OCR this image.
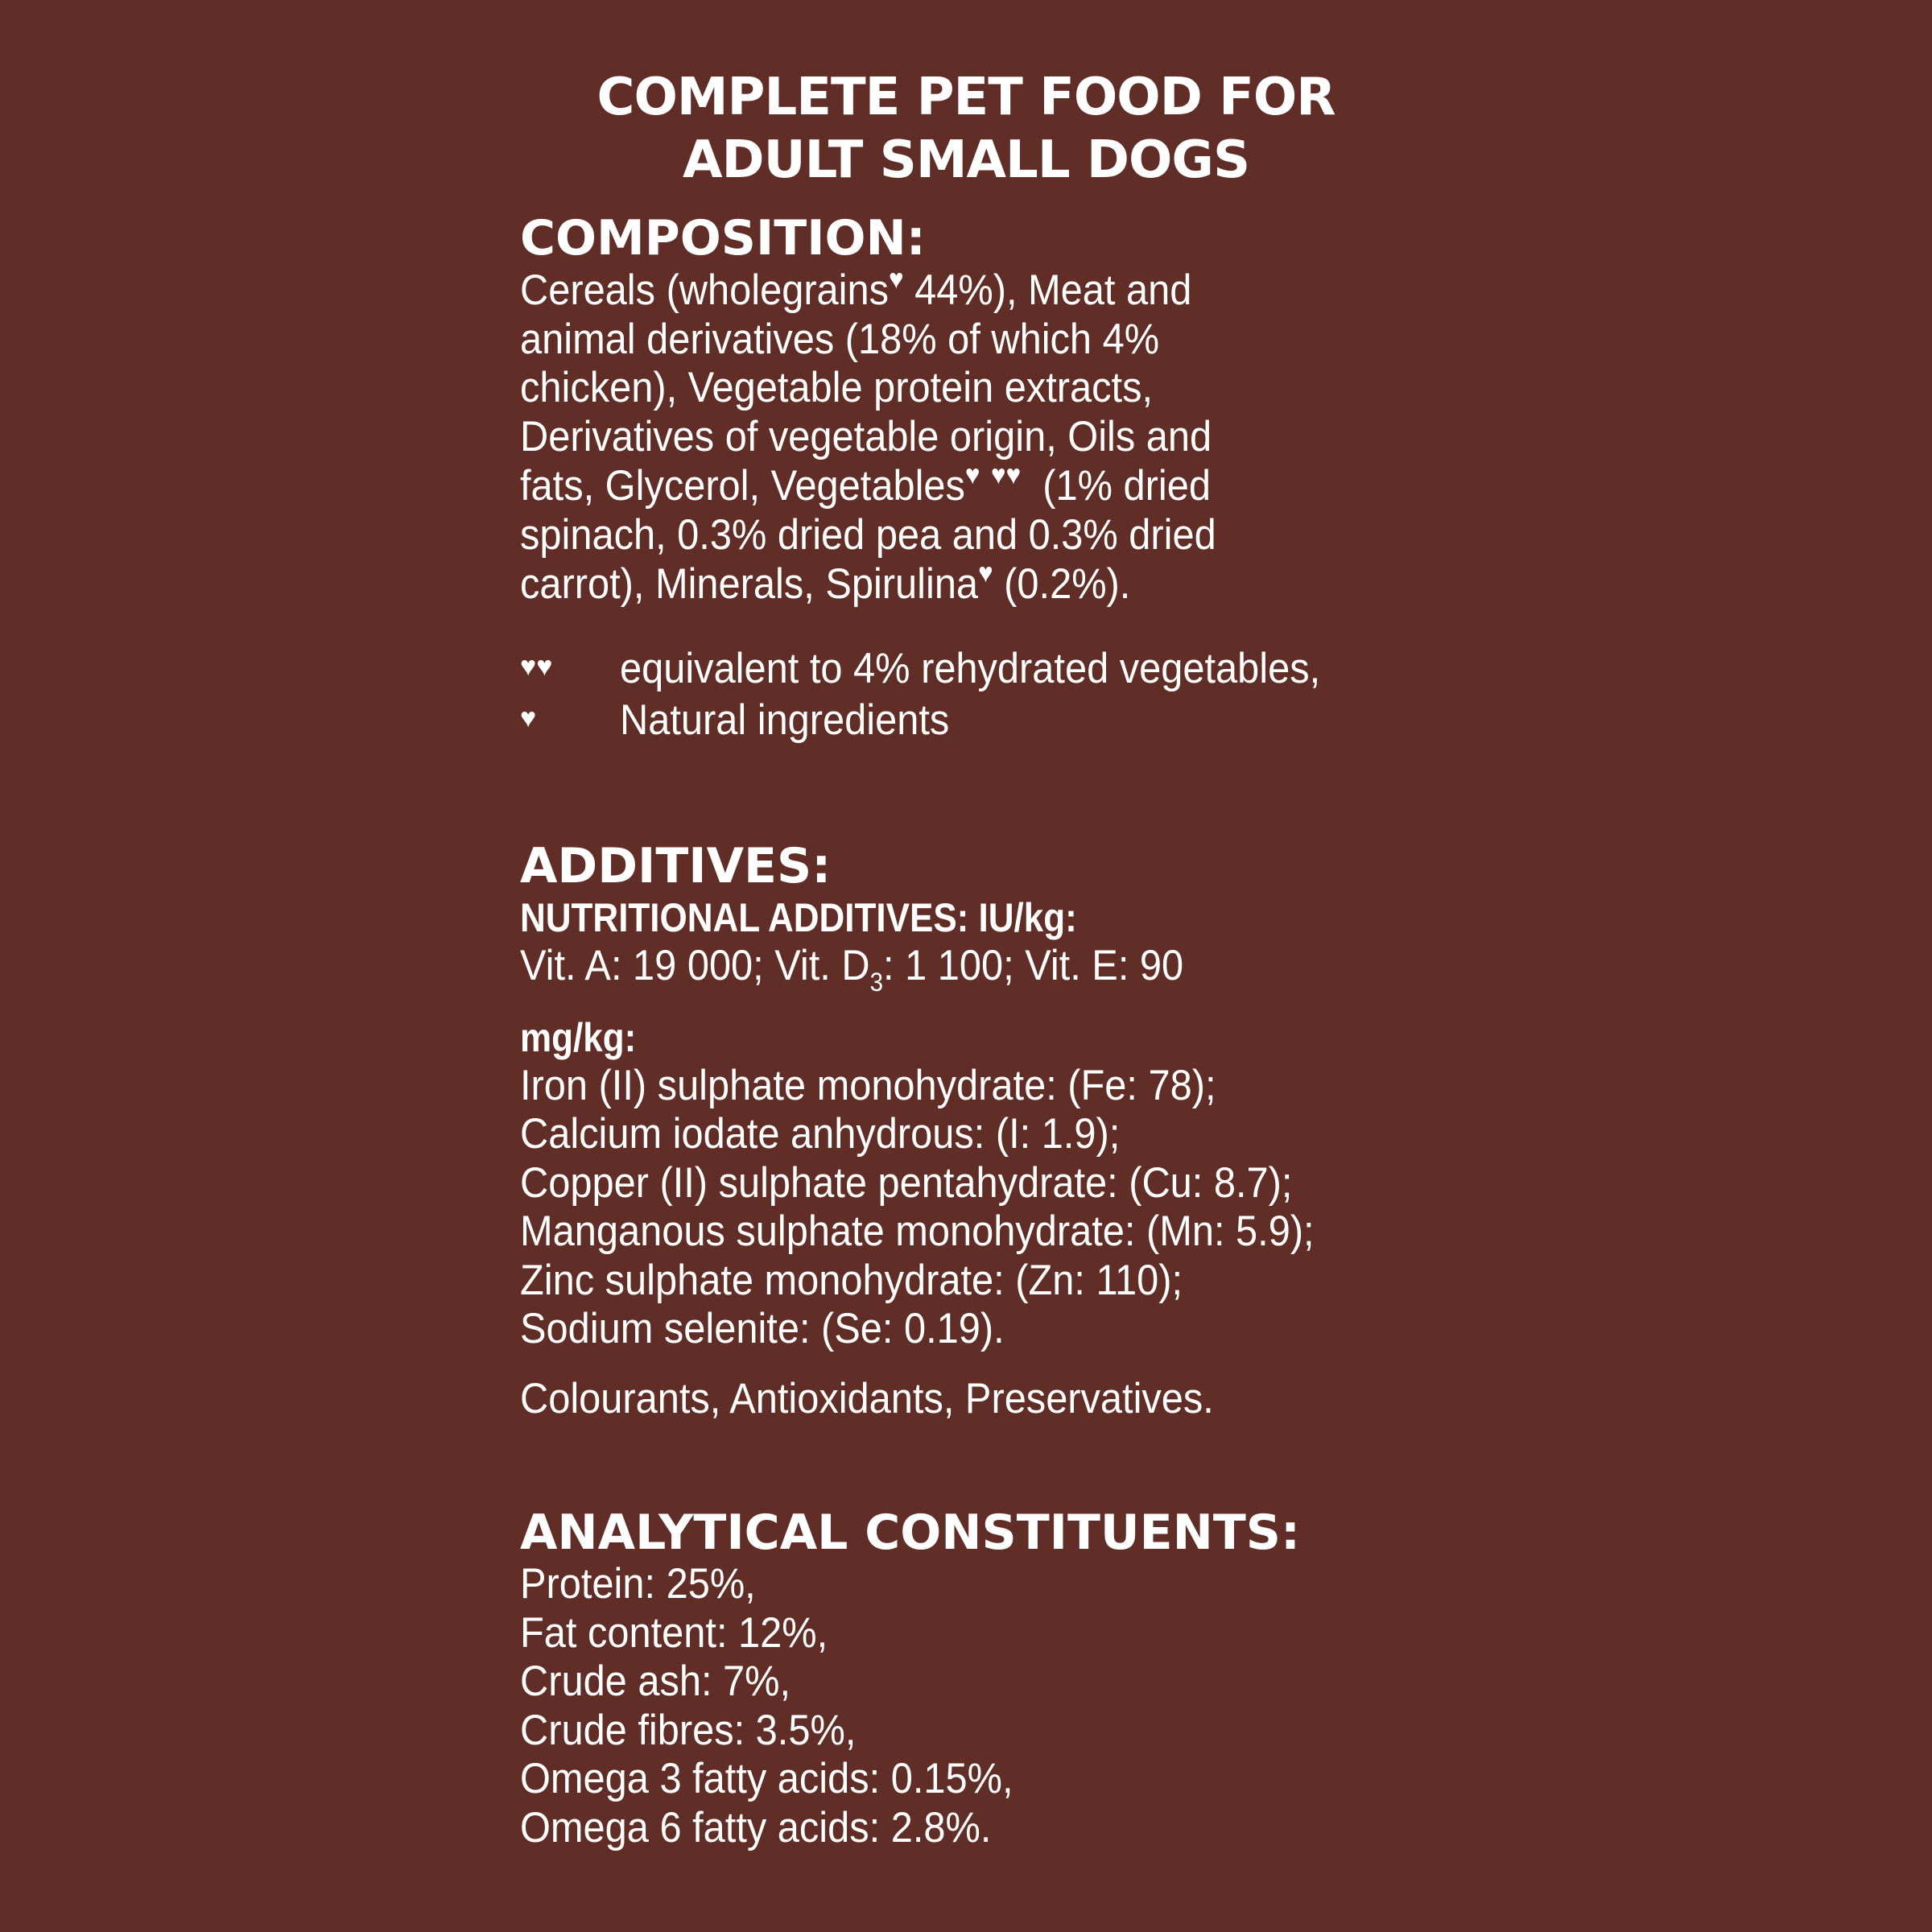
COMPLETE PET FOOD FOR
ADULT SMALL DOGS
COMPOSITION:
Cereals (wholegrains♥ 44%), Meat and
animal derivatives (18% of which 4%
chicken), Vegetable protein extracts,
Derivatives of vegetable origin, Oils and
fats, Glycerol, Vegetables♥ ♥♥  (1% dried
spinach, 0.3% dried pea and 0.3% dried
carrot), Minerals, Spirulina♥ (0.2%).
♥♥	equivalent to 4% rehydrated vegetables,
♥	Natural ingredients
ADDITIVES:
NUTRITIONAL ADDITIVES: IU/kg:
Vit. A: 19 000; Vit. $D_3$: 1 100; Vit. E: 90
mg/kg:
Iron (II) sulphate monohydrate: (Fe: 78);
Calcium iodate anhydrous: (I: 1.9);
Copper (II) sulphate pentahydrate: (Cu: 8.7);
Manganous sulphate monohydrate: (Mn: 5.9);
Zinc sulphate monohydrate: (Zn: 110);
Sodium selenite: (Se: 0.19).
Colourants, Antioxidants, Preservatives.
ANALYTICAL CONSTITUENTS:
Protein: 25%,
Fat content: 12%,
Crude ash: 7%,
Crude fibres: 3.5%,
Omega 3 fatty acids: 0.15%,
Omega 6 fatty acids: 2.8%.
